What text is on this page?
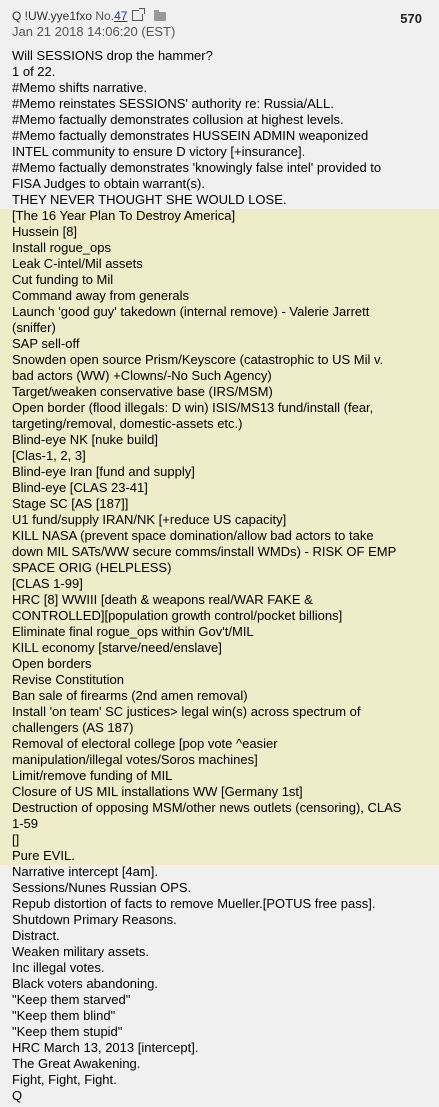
Q !UW.yye1fxo No.47
Jan 21 2018 14:06:20 (EST)
570
Will SESSIONS drop the hammer?
1 of 22.
#Memo shifts narrative.
#Memo reinstates SESSIONS' authority re: Russia/ALL.
#Memo factually demonstrates collusion at highest levels.
#Memo factually demonstrates HUSSEIN ADMIN weaponized
INTEL community to ensure D victory [+insurance].
#Memo factually demonstrates 'knowingly false intel' provided to
FISA Judges to obtain warrant(s).
THEY NEVER THOUGHT SHE WOULD LOSE.
[The 16 Year Plan To Destroy America]
Hussein [8]
Install rogue_ops
Leak C-intel/Mil assets
Cut funding to Mil
Command away from generals
Launch 'good guy' takedown (internal remove) - Valerie Jarrett
(sniffer)
SAP sell-off
Snowden open source Prism/Keyscore (catastrophic to US Mil v.
bad actors (WW) +Clowns/-No Such Agency)
Target/weaken conservative base (IRS/MSM)
Open border (flood illegals: D win) ISIS/MS13 fund/install (fear,
targeting/removal, domestic-assets etc.)
Blind-eye NK [nuke build]
[Clas-1, 2, 3]
Blind-eye Iran [fund and supply]
Blind-eye [CLAS 23-41]
Stage SC [AS [187]]
U1 fund/supply IRAN/NK [+reduce US capacity]
KILL NASA (prevent space domination/allow bad actors to take
down MIL SATs/WW secure comms/install WMDs) - RISK OF EMP
SPACE ORIG (HELPLESS)
[CLAS 1-99]
HRC [8] WWIII [death & weapons real/WAR FAKE &
CONTROLLED][population growth control/pocket billions]
Eliminate final rogue_ops within Gov't/MIL
KILL economy [starve/need/enslave]
Open borders
Revise Constitution
Ban sale of firearms (2nd amen removal)
Install 'on team' SC justices> legal win(s) across spectrum of
challengers (AS 187)
Removal of electoral college [pop vote ^easier
manipulation/illegal votes/Soros machines]
Limit/remove funding of MIL
Closure of US MIL installations WW [Germany 1st]
Destruction of opposing MSM/other news outlets (censoring), CLAS
1-59
[]
Pure EVIL.
Narrative intercept [4am].
Sessions/Nunes Russian OPS.
Repub distortion of facts to remove Mueller.[POTUS free pass].
Shutdown Primary Reasons.
Distract.
Weaken military assets.
Inc illegal votes.
Black voters abandoning.
"Keep them starved"
"Keep them blind"
"Keep them stupid"
HRC March 13, 2013 [intercept].
The Great Awakening.
Fight, Fight, Fight.
Q
